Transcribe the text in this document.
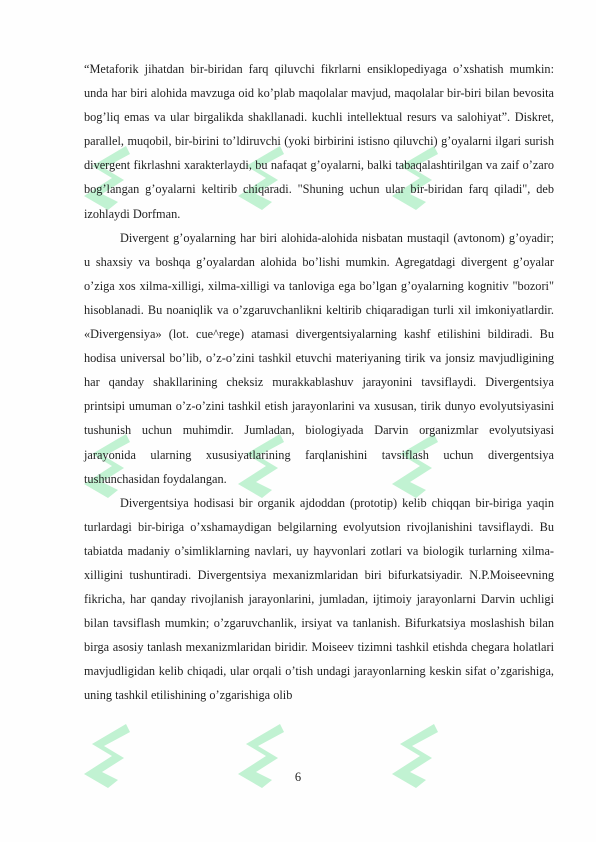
“Metaforik jihatdan bir-biridan farq qiluvchi fikrlarni ensiklopediyaga o’xshatish mumkin: unda har biri alohida mavzuga oid ko’plab maqolalar mavjud, maqolalar bir-biri bilan bevosita bog’liq emas va ular birgalikda shakllanadi. kuchli intellektual resurs va salohiyat”. Diskret, parallel, muqobil, bir-birini to’ldiruvchi (yoki birbirini istisno qiluvchi) g’oyalarni ilgari surish divergent fikrlashni xarakterlaydi, bu nafaqat g’oyalarni, balki tabaqalashtirilgan va zaif o’zaro bog’langan g’oyalarni keltirib chiqaradi. "Shuning uchun ular bir-biridan farq qiladi", deb izohlaydi Dorfman.

Divergent g’oyalarning har biri alohida-alohida nisbatan mustaqil (avtonom) g’oyadir; u shaxsiy va boshqa g’oyalardan alohida bo’lishi mumkin. Agregatdagi divergent g’oyalar o’ziga xos xilma-xilligi, xilma-xilligi va tanloviga ega bo’lgan g’oyalarning kognitiv "bozori" hisoblanadi. Bu noaniqlik va o’zgaruvchanlikni keltirib chiqaradigan turli xil imkoniyatlardir. «Divergensiya» (lot. cue^rege) atamasi divergentsiyalarning kashf etilishini bildiradi. Bu hodisa universal bo’lib, o’z-o’zini tashkil etuvchi materiyaning tirik va jonsiz mavjudligining har qanday shakllarining cheksiz murakkablashuv jarayonini tavsiflaydi. Divergentsiya printsipi umuman o’z-o’zini tashkil etish jarayonlarini va xususan, tirik dunyo evolyutsiyasini tushunish uchun muhimdir. Jumladan, biologiyada Darvin organizmlar evolyutsiyasi jarayonida ularning xususiyatlarining farqlanishini tavsiflash uchun divergentsiya tushunchasidan foydalangan.

Divergentsiya hodisasi bir organik ajdoddan (prototip) kelib chiqqan bir-biriga yaqin turlardagi bir-biriga o’xshamaydigan belgilarning evolyutsion rivojlanishini tavsiflaydi. Bu tabiatda madaniy o’simliklarning navlari, uy hayvonlari zotlari va biologik turlarning xilma-xilligini tushuntiradi. Divergentsiya mexanizmlaridan biri bifurkatsiyadir. N.P.Moiseevning fikricha, har qanday rivojlanish jarayonlarini, jumladan, ijtimoiy jarayonlarni Darvin uchligi bilan tavsiflash mumkin; o’zgaruvchanlik, irsiyat va tanlanish. Bifurkatsiya moslashish bilan birga asosiy tanlash mexanizmlaridan biridir. Moiseev tizimni tashkil etishda chegara holatlari mavjudligidan kelib chiqadi, ular orqali o’tish undagi jarayonlarning keskin sifat o’zgarishiga, uning tashkil etilishining o’zgarishiga olib

6
